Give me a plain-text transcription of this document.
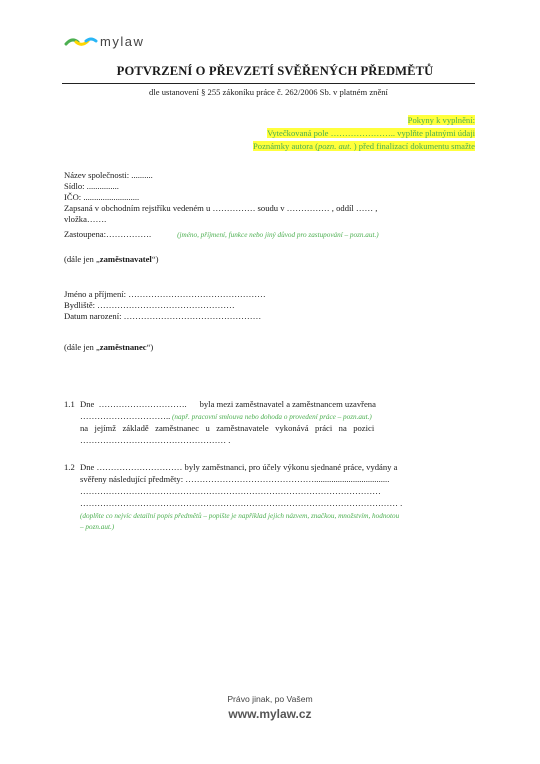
mylaw
POTVRZENÍ O PŘEVZETÍ SVĚŘENÝCH PŘEDMĚTŮ
dle ustanovení § 255 zákoníku práce č. 262/2006 Sb. v platném znění
Pokyny k vyplnění:
Vytečkovaná pole ………………….. vyplňte platnými údaji
Poznámky autora (pozn. aut. ) před finalizací dokumentu smažte
Název společnosti: ..........
Sídlo: ...............
IČO: ..........................
Zapsaná v obchodním rejstříku vedeném u …………… soudu v …………… , oddíl …… ,
vložka…….
Zastoupena:…………….	(jméno, příjmení, funkce nebo jiný důvod pro zastupování – pozn.aut.)
(dále jen „zaměstnavatel“)
Jméno a příjmení: …………………………………………
Bydliště: …………………………………………
Datum narození: …………………………………………
(dále jen „zaměstnanec“)
1.1 Dne  ………………………….      byla mezi zaměstnavatel a zaměstnancem uzavřena
………………………….. (např. pracovní smlouva nebo dohoda o provedení práce – pozn.aut.)
na   jejímž   základě   zaměstnanec   u   zaměstnavatele   vykonává   práci   na   pozici
…………………………………………… .
1.2 Dne ………………………… byly zaměstnanci, pro účely výkonu sjednané práce, vydány a
svěřeny následující předměty: ………………………………………...................................
……………………………………………………………………………………………
………………………………………………………………………………………………… .
(doplňte co nejvíc detailní popis předmětů – popište je například jejich názvem, značkou, množstvím, hodnotou
– pozn.aut.)
Právo jinak, po Vašem
www.mylaw.cz
